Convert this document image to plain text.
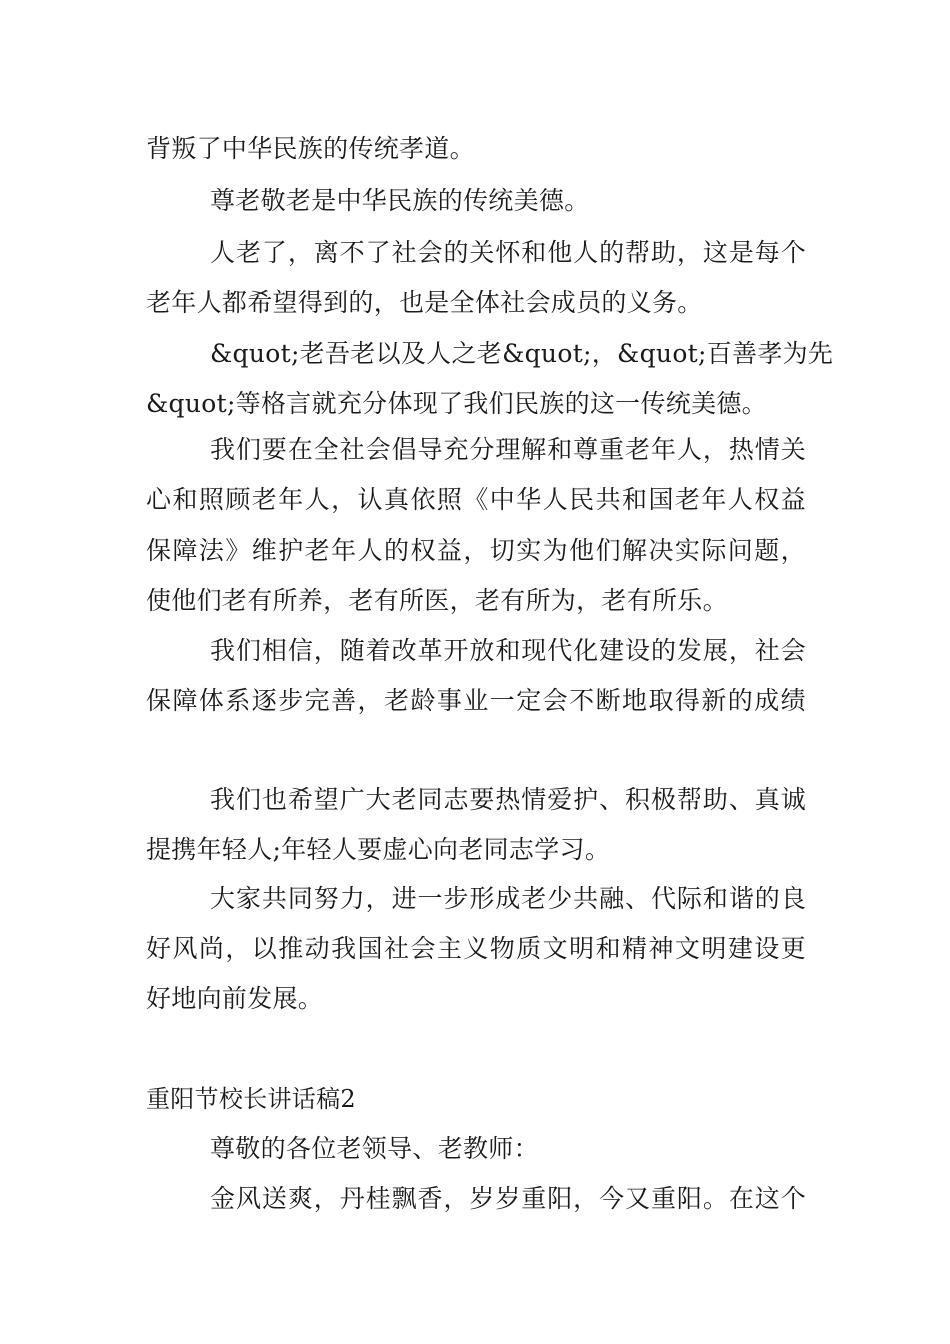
背叛了中华民族的传统孝道。
尊老敬老是中华民族的传统美德。
人老了，离不了社会的关怀和他人的帮助，这是每个
老年人都希望得到的，也是全体社会成员的义务。
&quot;老吾老以及人之老&quot;，&quot;百善孝为先
&quot;等格言就充分体现了我们民族的这一传统美德。
我们要在全社会倡导充分理解和尊重老年人，热情关
心和照顾老年人，认真依照《中华人民共和国老年人权益
保障法》维护老年人的权益，切实为他们解决实际问题，
使他们老有所养，老有所医，老有所为，老有所乐。
我们相信，随着改革开放和现代化建设的发展，社会
保障体系逐步完善，老龄事业一定会不断地取得新的成绩
我们也希望广大老同志要热情爱护、积极帮助、真诚
提携年轻人;年轻人要虚心向老同志学习。
大家共同努力，进一步形成老少共融、代际和谐的良
好风尚，以推动我国社会主义物质文明和精神文明建设更
好地向前发展。
重阳节校长讲话稿2
尊敬的各位老领导、老教师：
金风送爽，丹桂飘香，岁岁重阳，今又重阳。在这个
